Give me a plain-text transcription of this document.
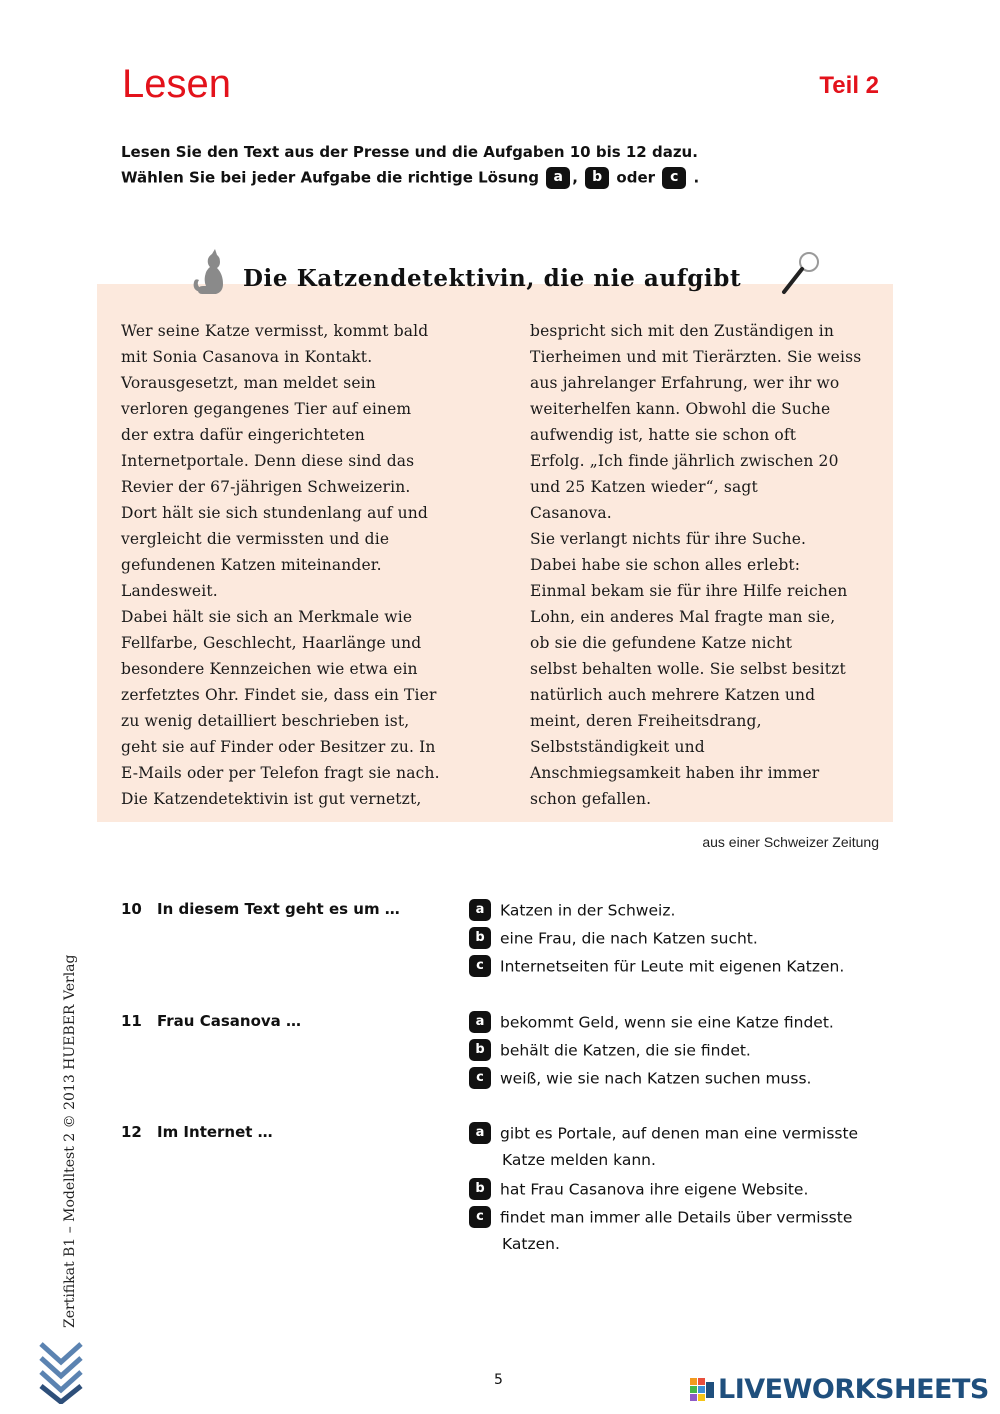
Lesen	Teil 2
Lesen Sie den Text aus der Presse und die Aufgaben 10 bis 12 dazu.
Wählen Sie bei jeder Aufgabe die richtige Lösung a , b oder c .
Die Katzendetektivin, die nie aufgibt
Wer seine Katze vermisst, kommt bald
mit Sonia Casanova in Kontakt.
Vorausgesetzt, man meldet sein
verloren gegangenes Tier auf einem
der extra dafür eingerichteten
Internetportale. Denn diese sind das
Revier der 67-jährigen Schweizerin.
Dort hält sie sich stundenlang auf und
vergleicht die vermissten und die
gefundenen Katzen miteinander.
Landesweit.
Dabei hält sie sich an Merkmale wie
Fellfarbe, Geschlecht, Haarlänge und
besondere Kennzeichen wie etwa ein
zerfetztes Ohr. Findet sie, dass ein Tier
zu wenig detailliert beschrieben ist,
geht sie auf Finder oder Besitzer zu. In
E-Mails oder per Telefon fragt sie nach.
Die Katzendetektivin ist gut vernetzt,
bespricht sich mit den Zuständigen in
Tierheimen und mit Tierärzten. Sie weiss
aus jahrelanger Erfahrung, wer ihr wo
weiterhelfen kann. Obwohl die Suche
aufwendig ist, hatte sie schon oft
Erfolg. „Ich finde jährlich zwischen 20
und 25 Katzen wieder“, sagt
Casanova.
Sie verlangt nichts für ihre Suche.
Dabei habe sie schon alles erlebt:
Einmal bekam sie für ihre Hilfe reichen
Lohn, ein anderes Mal fragte man sie,
ob sie die gefundene Katze nicht
selbst behalten wolle. Sie selbst besitzt
natürlich auch mehrere Katzen und
meint, deren Freiheitsdrang,
Selbstständigkeit und
Anschmiegsamkeit haben ihr immer
schon gefallen.
aus einer Schweizer Zeitung
10 In diesem Text geht es um …	a Katzen in der Schweiz.
b eine Frau, die nach Katzen sucht.
c Internetseiten für Leute mit eigenen Katzen.
11 Frau Casanova …	a bekommt Geld, wenn sie eine Katze findet.
b behält die Katzen, die sie findet.
c weiß, wie sie nach Katzen suchen muss.
12 Im Internet …	a gibt es Portale, auf denen man eine vermisste
Katze melden kann.
b hat Frau Casanova ihre eigene Website.
c findet man immer alle Details über vermisste
Katzen.
Zertifikat B1 – Modelltest 2 © 2013 HUEBER Verlag
5	LIVEWORKSHEETS
